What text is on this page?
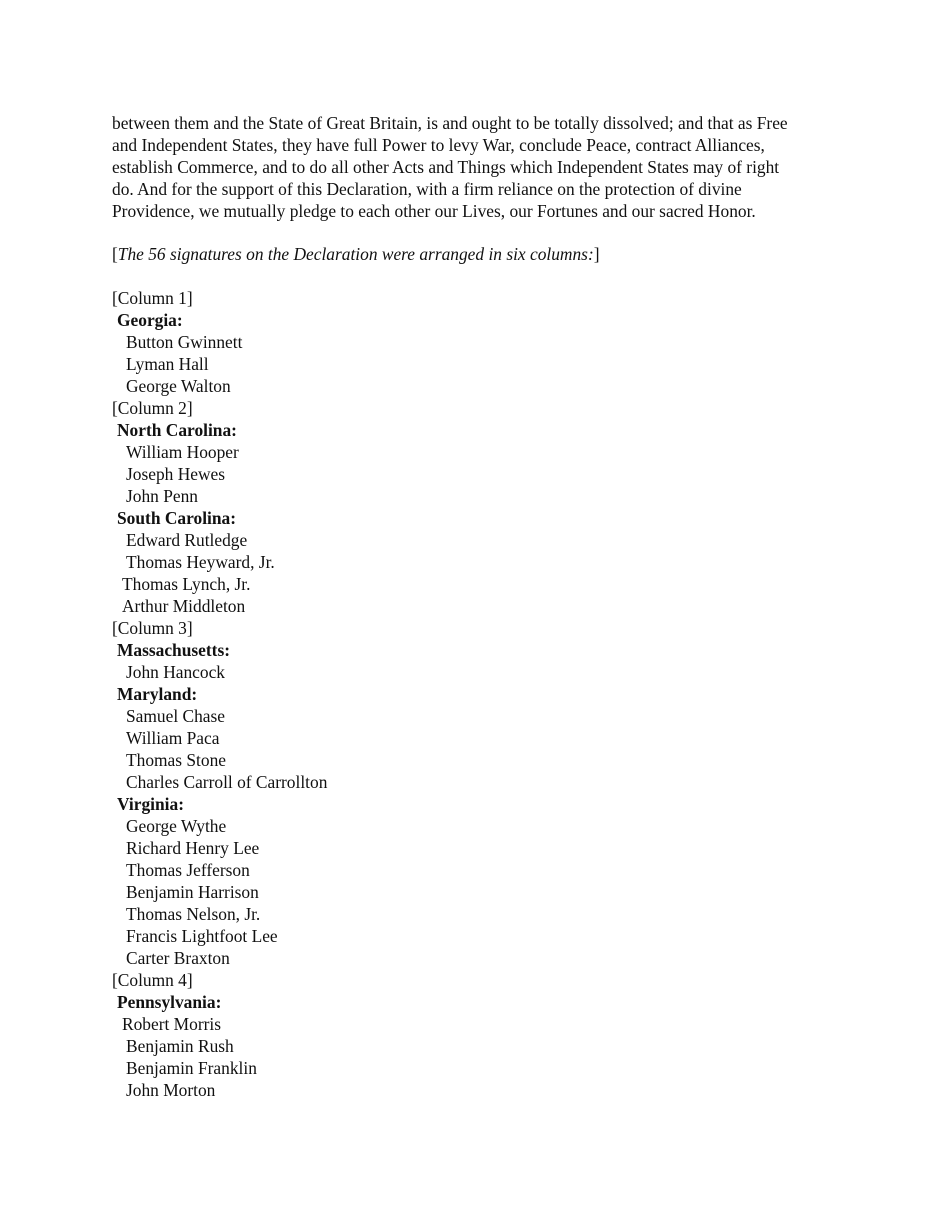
between them and the State of Great Britain, is and ought to be totally dissolved; and that as Free
and Independent States, they have full Power to levy War, conclude Peace, contract Alliances,
establish Commerce, and to do all other Acts and Things which Independent States may of right
do. And for the support of this Declaration, with a firm reliance on the protection of divine
Providence, we mutually pledge to each other our Lives, our Fortunes and our sacred Honor.

[The 56 signatures on the Declaration were arranged in six columns:]

[Column 1]
Georgia:
Button Gwinnett
Lyman Hall
George Walton
[Column 2]
North Carolina:
William Hooper
Joseph Hewes
John Penn
South Carolina:
Edward Rutledge
Thomas Heyward, Jr.
Thomas Lynch, Jr.
Arthur Middleton
[Column 3]
Massachusetts:
John Hancock
Maryland:
Samuel Chase
William Paca
Thomas Stone
Charles Carroll of Carrollton
Virginia:
George Wythe
Richard Henry Lee
Thomas Jefferson
Benjamin Harrison
Thomas Nelson, Jr.
Francis Lightfoot Lee
Carter Braxton
[Column 4]
Pennsylvania:
Robert Morris
Benjamin Rush
Benjamin Franklin
John Morton
